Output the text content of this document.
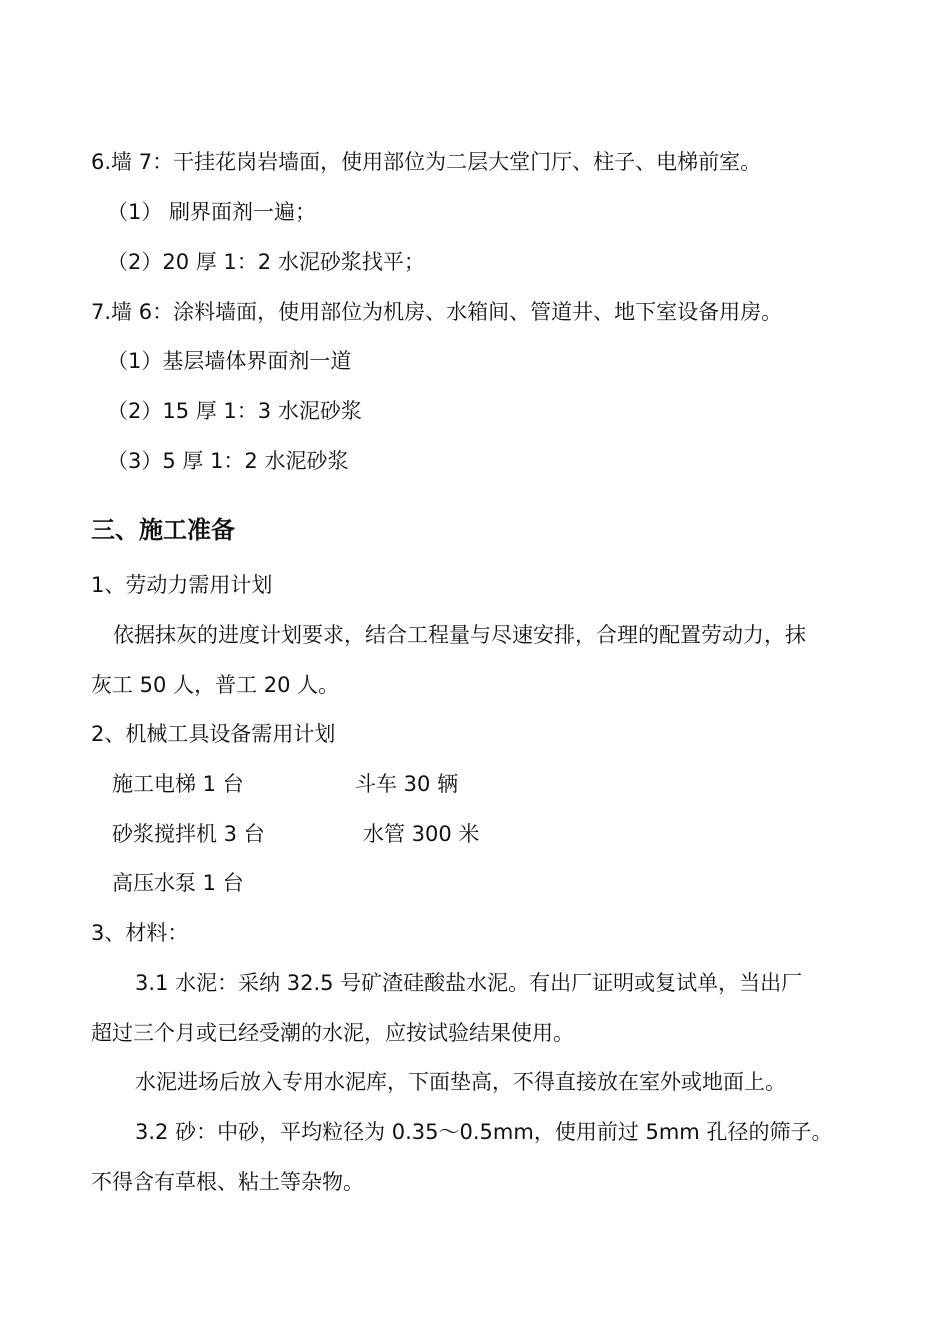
6.墙 7：干挂花岗岩墙面，使用部位为二层大堂门厅、柱子、电梯前室。
（1） 刷界面剂一遍；
（2）20 厚 1：2 水泥砂浆找平；
7.墙 6：涂料墙面，使用部位为机房、水箱间、管道井、地下室设备用房。
（1）基层墙体界面剂一道
（2）15 厚 1：3 水泥砂浆
（3）5 厚 1：2 水泥砂浆
三、施工准备
1、劳动力需用计划
依据抹灰的进度计划要求，结合工程量与尽速安排，合理的配置劳动力，抹
灰工 50 人，普工 20 人。
2、机械工具设备需用计划
施工电梯 1 台	斗车 30 辆
砂浆搅拌机 3 台	水管 300 米
高压水泵 1 台
3、材料：
3.1 水泥：采纳 32.5 号矿渣硅酸盐水泥。有出厂证明或复试单，当出厂
超过三个月或已经受潮的水泥，应按试验结果使用。
水泥进场后放入专用水泥库，下面垫高，不得直接放在室外或地面上。
3.2 砂：中砂，平均粒径为 0.35～0.5mm，使用前过 5mm 孔径的筛子。
不得含有草根、粘土等杂物。
